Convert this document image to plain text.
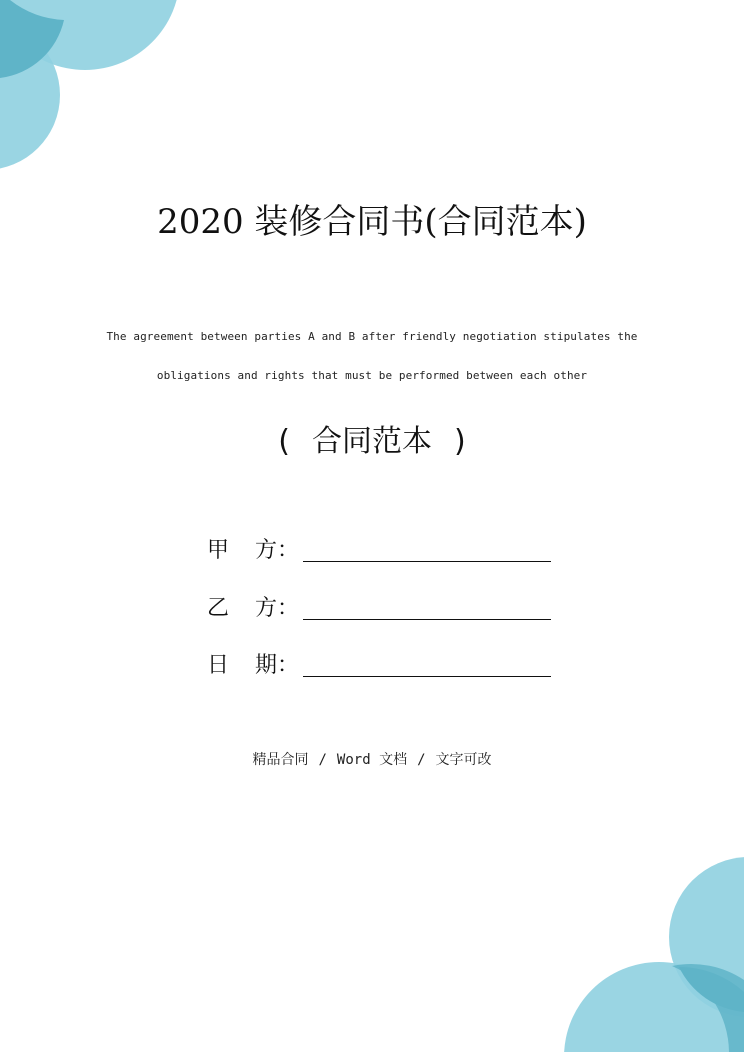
2020 装修合同书(合同范本)
The agreement between parties A and B after friendly negotiation stipulates the
obligations and rights that must be performed between each other
( 合同范本 )
甲	方 ：
乙	方 ：
日	期 ：
精品合同 / Word 文档 / 文字可改
